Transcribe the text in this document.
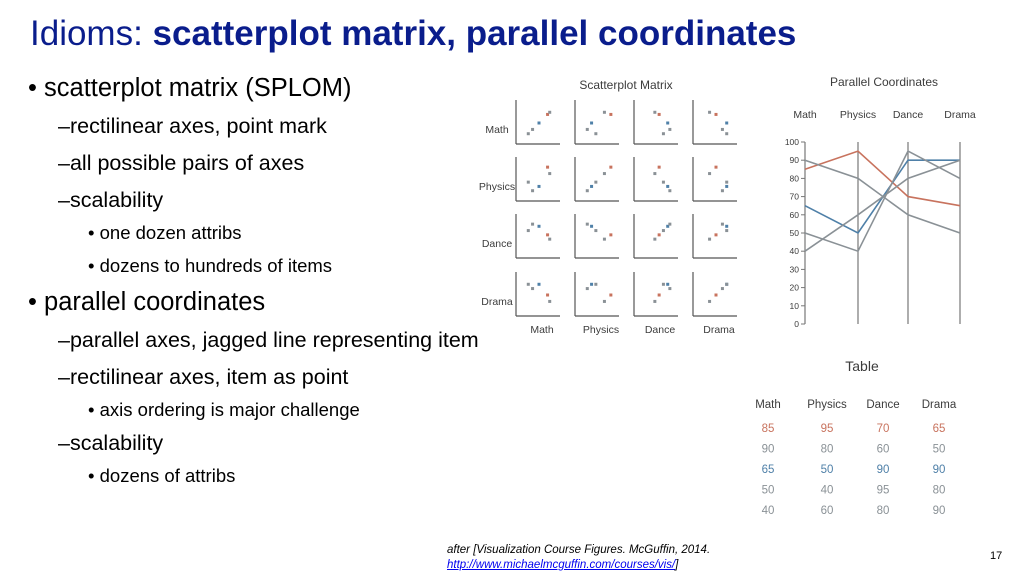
Idioms: scatterplot matrix, parallel coordinates
• scatterplot matrix (SPLOM)
–rectilinear axes, point mark
–all possible pairs of axes
–scalability
• one dozen attribs
• dozens to hundreds of items
• parallel coordinates
–parallel axes, jagged line representing item
–rectilinear axes, item as point
• axis ordering is major challenge
–scalability
• dozens of attribs
Scatterplot Matrix
Math
Physics
Dance
Drama
Math	Physics Dance	Drama
Parallel Coordinates
Math Physics Dance Drama
100
90
80
70
60
50
40
30
20
10
0
Table
Math Physics Dance Drama
85	95	70	65
90	80	60	50
65	50	90	90
50	40	95	80
40	60	80	90
after [Visualization Course Figures. McGuffin, 2014.
http://www.michaelmcguffin.com/courses/vis/]
17
